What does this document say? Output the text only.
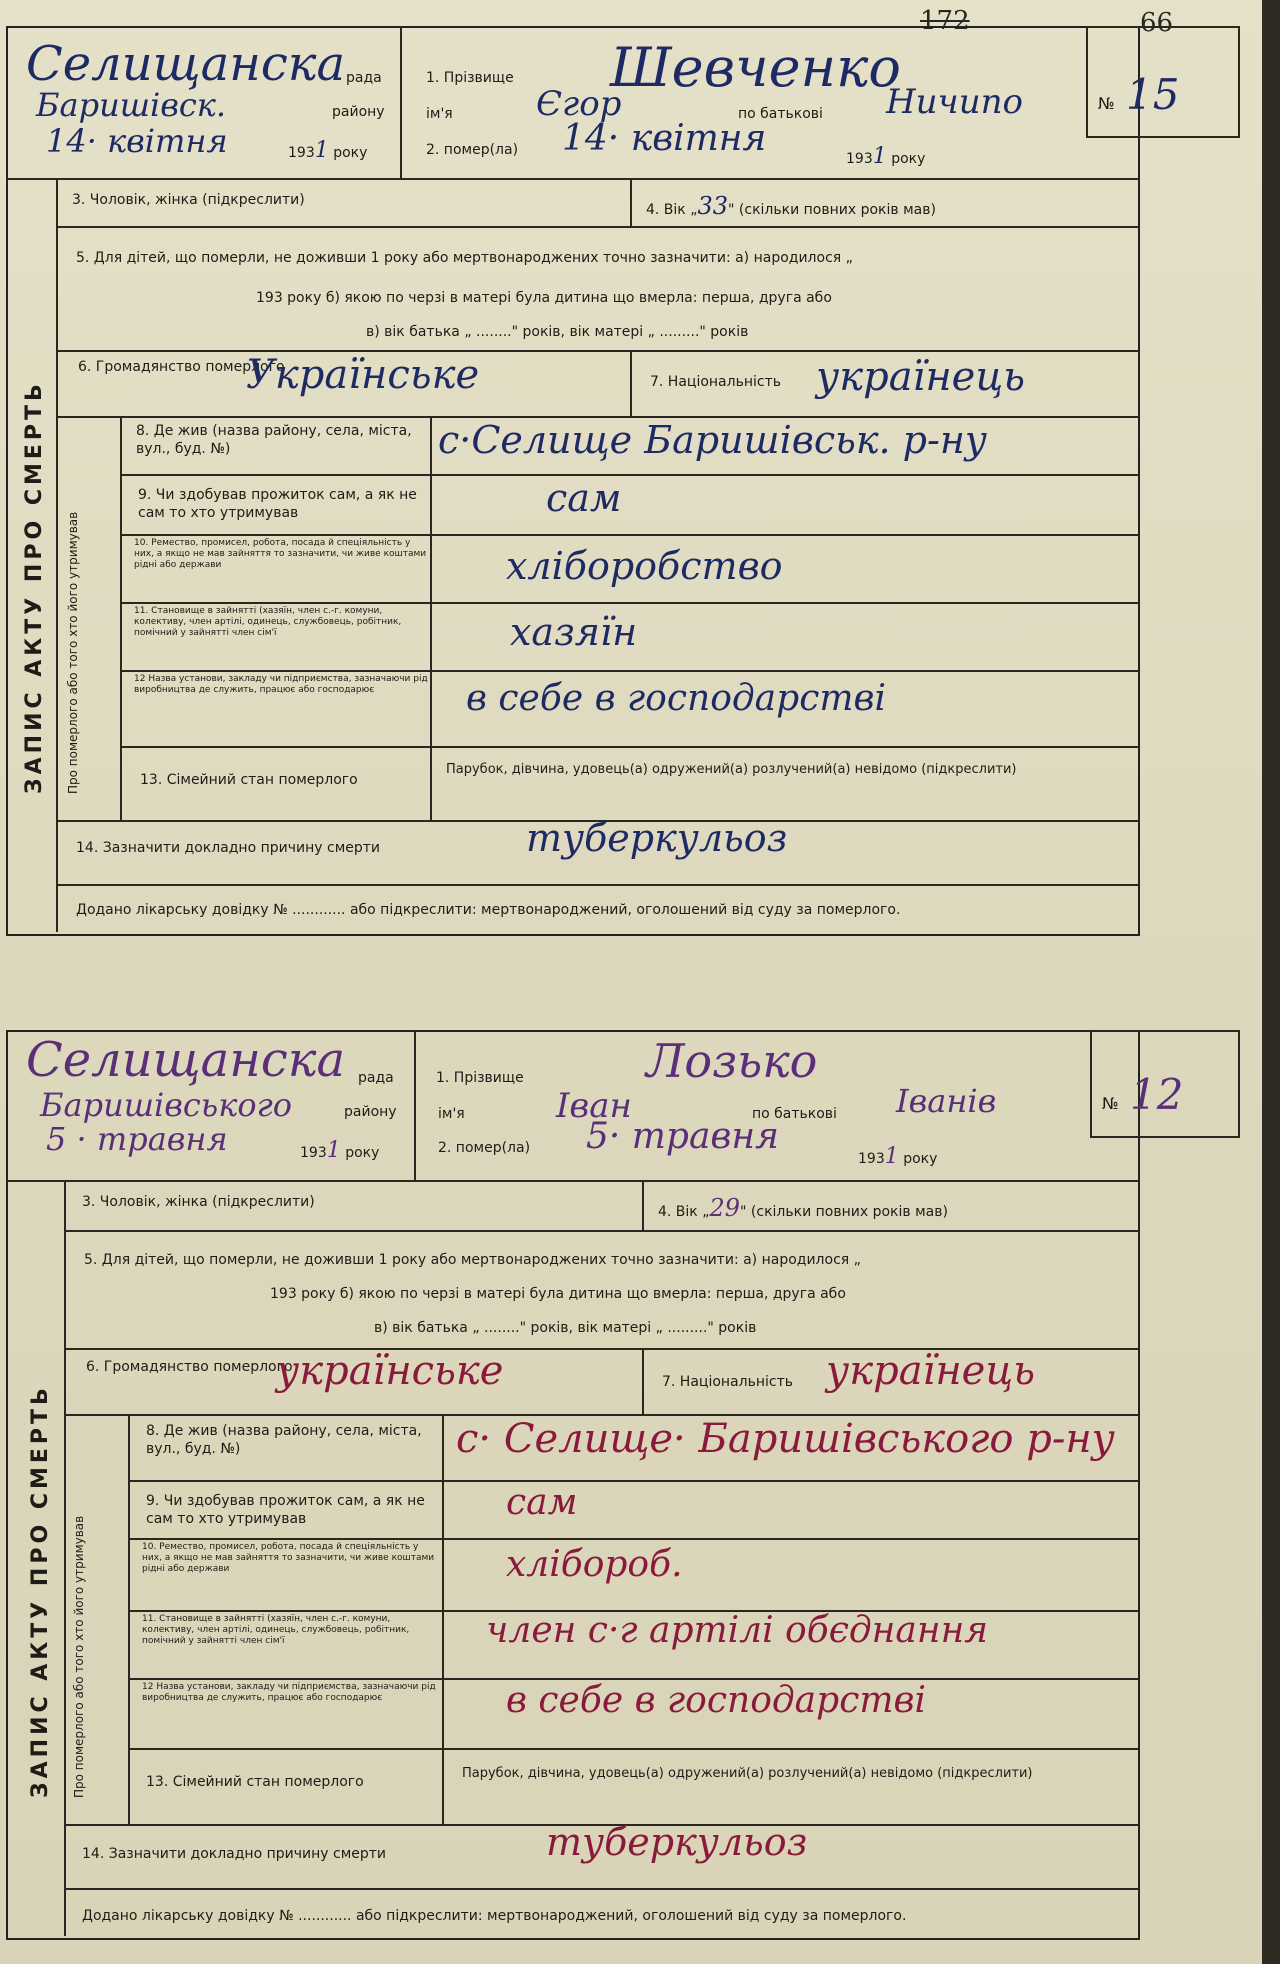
172	66
Селищанска рада
Баришівск.	району
14· квітня	1931 року
1. Прізвище Шевченко
ім'я Єгор	по батькові Ничипо	№ 15
2. помер(ла) 14· квітня	1931 року
ЗАПИС АКТУ ПРО СМЕРТЬ Про померлого або того хто його утримував
3. Чоловік, жінка (підкреслити)
4. Вік „33" (скільки повних років мав)
5. Для дітей, що померли, не доживши 1 року або мертвонароджених точно зазначити: а) народилося „
193 року б) якою по черзі в матері була дитина що вмерла: перша, друга або
в) вік батька „ ........" років, вік матері „ ........." років
6. Громадянство померлого
Українське	7. Національність українець
8. Де жив (назва району, села, міста, вул., буд. №)	с·Селище Баришівськ. р-ну
9. Чи здобував прожиток сам, а як не сам то хто утримував	сам
10. Ремество, промисел, робота, посада й спеціяльність у них, а якщо не мав зайняття то зазначити, чи живе коштами рідні або держави	хліборобство
11. Становище в зайнятті (хазяїн, член с.-г. комуни, колективу, член артілі, одинець, службовець, робітник, помічний у зайнятті член сім'ї	хазяїн
12 Назва установи, закладу чи підприємства, зазначаючи рід виробництва де служить, працює або господарює	в себе в господарстві
13. Сімейний стан померлого
Парубок, дівчина, удовець(а) одружений(а) розлучений(а) невідомо (підкреслити)
14. Зазначити докладно причину смерти	туберкульоз
Додано лікарську довідку № ............ або підкреслити: мертвонароджений, оголошений від суду за померлого.
Селищанска рада
Баришівського	району
5 · травня	1931 року
1. Прізвище	Лозько
ім'я	Іван	по батькові Іванів	№ 12
2. помер(ла) 5· травня
1931 року
ЗАПИС АКТУ ПРО СМЕРТЬ Про померлого або того хто його утримував
3. Чоловік, жінка (підкреслити)
4. Вік „29" (скільки повних років мав)
5. Для дітей, що померли, не доживши 1 року або мертвонароджених точно зазначити: а) народилося „
193 року б) якою по черзі в матері була дитина що вмерла: перша, друга або
в) вік батька „ ........" років, вік матері „ ........." років
6. Громадянство померлого
українське	7. Національність українець
8. Де жив (назва району, села, міста, вул., буд. №)	с· Селище· Баришівського р-ну
9. Чи здобував прожиток сам, а як не сам то хто утримував	сам
10. Ремество, промисел, робота, посада й спеціяльність у них, а якщо не мав зайняття то зазначити, чи живе коштами рідні або держави	хлібороб.
11. Становище в зайнятті (хазяїн, член с.-г. комуни, колективу, член артілі, одинець, службовець, робітник, помічний у зайнятті член сім'ї	член с·г артілі обєднання
12 Назва установи, закладу чи підприємства, зазначаючи рід виробництва де служить, працює або господарює	в себе в господарстві
13. Сімейний стан померлого
Парубок, дівчина, удовець(а) одружений(а) розлучений(а) невідомо (підкреслити)
14. Зазначити докладно причину смерти	туберкульоз
Додано лікарську довідку № ............ або підкреслити: мертвонароджений, оголошений від суду за померлого.
